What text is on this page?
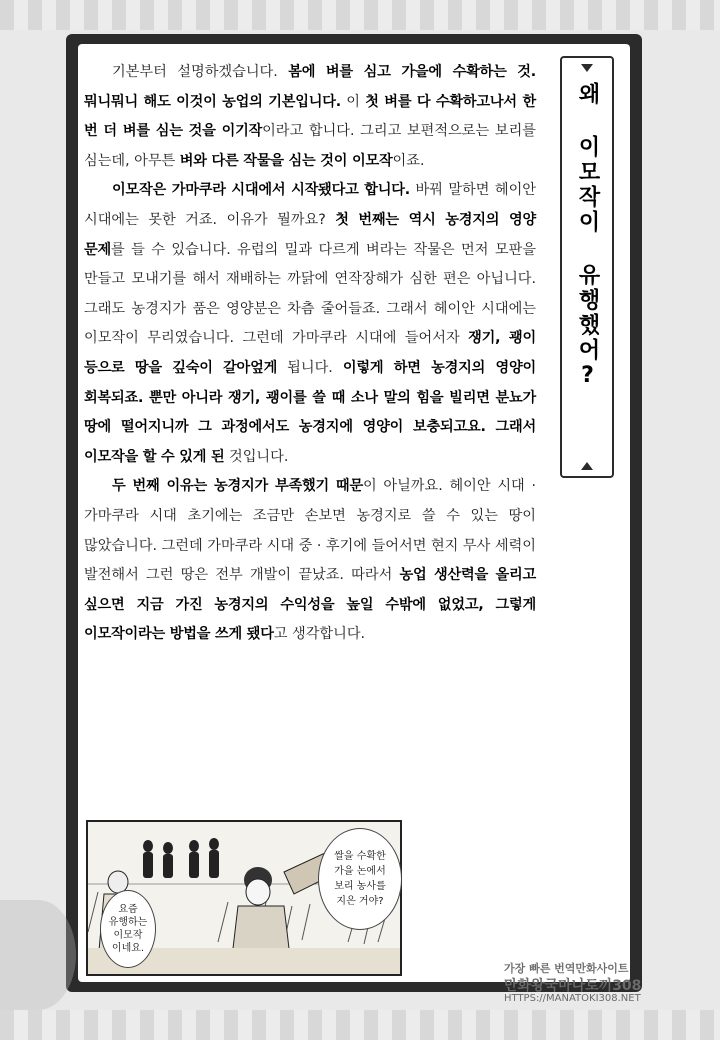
기본부터 설명하겠습니다. 봄에 벼를 심고 가을에 수확하는 것. 뭐니뭐니 해도 이것이 농업의 기본입니다. 이 첫 벼를 다 수확하고나서 한 번 더 벼를 심는 것을 이기작이라고 합니다. 그리고 보편적으로는 보리를 심는데, 아무튼 벼와 다른 작물을 심는 것이 이모작이죠.

이모작은 가마쿠라 시대에서 시작됐다고 합니다. 바꿔 말하면 헤이안 시대에는 못한 거죠. 이유가 뭘까요? 첫 번째는 역시 농경지의 영양 문제를 들 수 있습니다. 유럽의 밀과 다르게 벼라는 작물은 먼저 모판을 만들고 모내기를 해서 재배하는 까닭에 연작장해가 심한 편은 아닙니다. 그래도 농경지가 품은 영양분은 차츰 줄어들죠. 그래서 헤이안 시대에는 이모작이 무리였습니다. 그런데 가마쿠라 시대에 들어서자 쟁기, 괭이 등으로 땅을 깊숙이 갈아엎게 됩니다. 이렇게 하면 농경지의 영양이 회복되죠. 뿐만 아니라 쟁기, 괭이를 쓸 때 소나 말의 힘을 빌리면 분뇨가 땅에 떨어지니까 그 과정에서도 농경지에 영양이 보충되고요. 그래서 이모작을 할 수 있게 된 것입니다.

두 번째 이유는 농경지가 부족했기 때문이 아닐까요. 헤이안 시대 · 가마쿠라 시대 초기에는 조금만 손보면 농경지로 쓸 수 있는 땅이 많았습니다. 그런데 가마쿠라 시대 중 · 후기에 들어서면 현지 무사 세력이 발전해서 그런 땅은 전부 개발이 끝났죠. 따라서 농업 생산력을 올리고 싶으면 지금 가진 농경지의 수익성을 높일 수밖에 없었고, 그렇게 이모작이라는 방법을 쓰게 됐다고 생각합니다.

왜 이모작이 유행했어?
요즘
유행하는
이모작
이네요.
쌀을 수확한
가을 논에서
보리 농사를
지은 거야?
가장 빠른 번역만화사이트
만화왕국마나토끼308
HTTPS://MANATOKI308.NET
